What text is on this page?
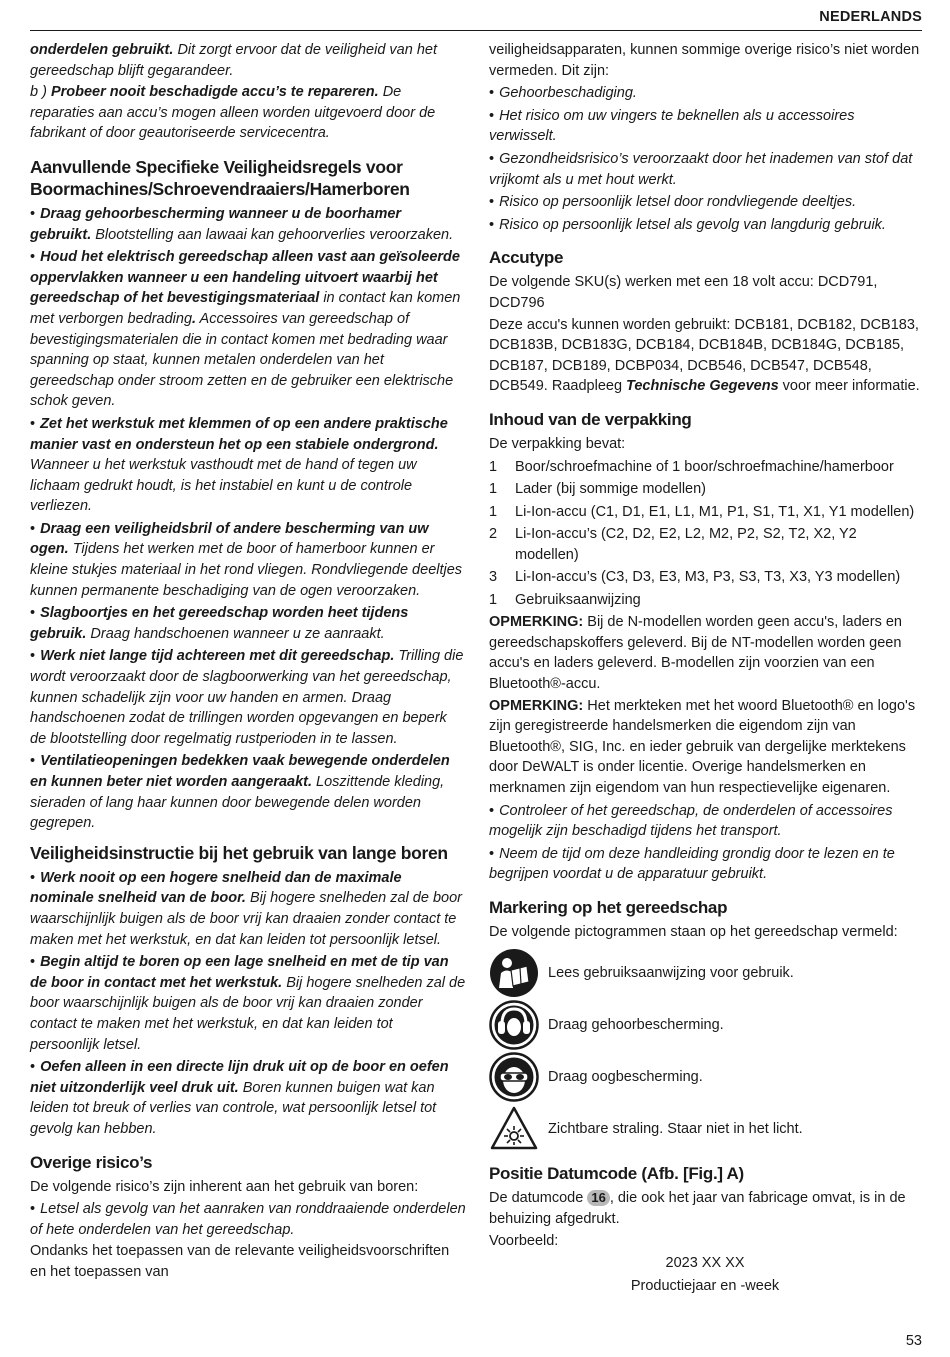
NEDERLANDS

onderdelen gebruikt. Dit zorgt ervoor dat de veiligheid van het gereedschap blijft gegarandeer.

b ) Probeer nooit beschadigde accu’s te repareren. De reparaties aan accu’s mogen alleen worden uitgevoerd door de fabrikant of door geautoriseerde servicecentra.

Aanvullende Specifieke Veiligheidsregels voor Boormachines/Schroevendraaiers/Hamerboren

• Draag gehoorbescherming wanneer u de boorhamer gebruikt. Blootstelling aan lawaai kan gehoorverlies veroorzaken.

• Houd het elektrisch gereedschap alleen vast aan geïsoleerde oppervlakken wanneer u een handeling uitvoert waarbij het gereedschap of het bevestigingsmateriaal in contact kan komen met verborgen bedrading. Accessoires van gereedschap of bevestigingsmaterialen die in contact komen met bedrading waar spanning op staat, kunnen metalen onderdelen van het gereedschap onder stroom zetten en de gebruiker een elektrische schok geven.

• Zet het werkstuk met klemmen of op een andere praktische manier vast en ondersteun het op een stabiele ondergrond. Wanneer u het werkstuk vasthoudt met de hand of tegen uw lichaam gedrukt houdt, is het instabiel en kunt u de controle verliezen.

• Draag een veiligheidsbril of andere bescherming van uw ogen. Tijdens het werken met de boor of hamerboor kunnen er kleine stukjes materiaal in het rond vliegen. Rondvliegende deeltjes kunnen permanente beschadiging van de ogen veroorzaken.

• Slagboortjes en het gereedschap worden heet tijdens gebruik. Draag handschoenen wanneer u ze aanraakt.

• Werk niet lange tijd achtereen met dit gereedschap. Trilling die wordt veroorzaakt door de slagboorwerking van het gereedschap, kunnen schadelijk zijn voor uw handen en armen. Draag handschoenen zodat de trillingen worden opgevangen en beperk de blootstelling door regelmatig rustperioden in te lassen.

• Ventilatieopeningen bedekken vaak bewegende onderdelen en kunnen beter niet worden aangeraakt. Loszittende kleding, sieraden of lang haar kunnen door bewegende delen worden gegrepen.

Veiligheidsinstructie bij het gebruik van lange boren

• Werk nooit op een hogere snelheid dan de maximale nominale snelheid van de boor. Bij hogere snelheden zal de boor waarschijnlijk buigen als de boor vrij kan draaien zonder contact te maken met het werkstuk, en dat kan leiden tot persoonlijk letsel.

• Begin altijd te boren op een lage snelheid en met de tip van de boor in contact met het werkstuk. Bij hogere snelheden zal de boor waarschijnlijk buigen als de boor vrij kan draaien zonder contact te maken met het werkstuk, en dat kan leiden tot persoonlijk letsel.

• Oefen alleen in een directe lijn druk uit op de boor en oefen niet uitzonderlijk veel druk uit. Boren kunnen buigen wat kan leiden tot breuk of verlies van controle, wat persoonlijk letsel tot gevolg kan hebben.

Overige risico’s

De volgende risico’s zijn inherent aan het gebruik van boren:

• Letsel als gevolg van het aanraken van ronddraaiende onderdelen of hete onderdelen van het gereedschap.

Ondanks het toepassen van de relevante veiligheidsvoorschriften en het toepassen van

veiligheidsapparaten, kunnen sommige overige risico’s niet worden vermeden. Dit zijn:

• Gehoorbeschadiging.

• Het risico om uw vingers te beknellen als u accessoires verwisselt.

• Gezondheidsrisico’s veroorzaakt door het inademen van stof dat vrijkomt als u met hout werkt.

• Risico op persoonlijk letsel door rondvliegende deeltjes.

• Risico op persoonlijk letsel als gevolg van langdurig gebruik.

Accutype

De volgende SKU(s) werken met een 18 volt accu: DCD791, DCD796

Deze accu's kunnen worden gebruikt: DCB181, DCB182, DCB183, DCB183B, DCB183G, DCB184, DCB184B, DCB184G, DCB185, DCB187, DCB189, DCBP034, DCB546, DCB547, DCB548, DCB549. Raadpleeg Technische Gegevens voor meer informatie.

Inhoud van de verpakking

De verpakking bevat:

1	Boor/schroefmachine of 1 boor/schroefmachine/hamerboor
1	Lader (bij sommige modellen)
1	Li-Ion-accu (C1, D1, E1, L1, M1, P1, S1, T1, X1, Y1 modellen)
2	Li-Ion-accu’s (C2, D2, E2, L2, M2, P2, S2, T2, X2, Y2 modellen)
3	Li-Ion-accu’s (C3, D3, E3, M3, P3, S3, T3, X3, Y3 modellen)
1	Gebruiksaanwijzing

OPMERKING: Bij de N-modellen worden geen accu's, laders en gereedschapskoffers geleverd. Bij de NT-modellen worden geen accu's en laders geleverd. B-modellen zijn voorzien van een Bluetooth®-accu.

OPMERKING: Het merkteken met het woord Bluetooth® en logo's zijn geregistreerde handelsmerken die eigendom zijn van Bluetooth®, SIG, Inc. en ieder gebruik van dergelijke merktekens door DeWALT is onder licentie. Overige handelsmerken en merknamen zijn eigendom van hun respectievelijke eigenaren.

• Controleer of het gereedschap, de onderdelen of accessoires mogelijk zijn beschadigd tijdens het transport.

• Neem de tijd om deze handleiding grondig door te lezen en te begrijpen voordat u de apparatuur gebruikt.

Markering op het gereedschap

De volgende pictogrammen staan op het gereedschap vermeld:

Lees gebruiksaanwijzing voor gebruik.
Draag gehoorbescherming.
Draag oogbescherming.
Zichtbare straling. Staar niet in het licht.
Positie Datumcode (Afb. [Fig.] A)

De datumcode 16 , die ook het jaar van fabricage omvat, is in de behuizing afgedrukt.

Voorbeeld:

2023 XX XX

Productiejaar en -week

53
